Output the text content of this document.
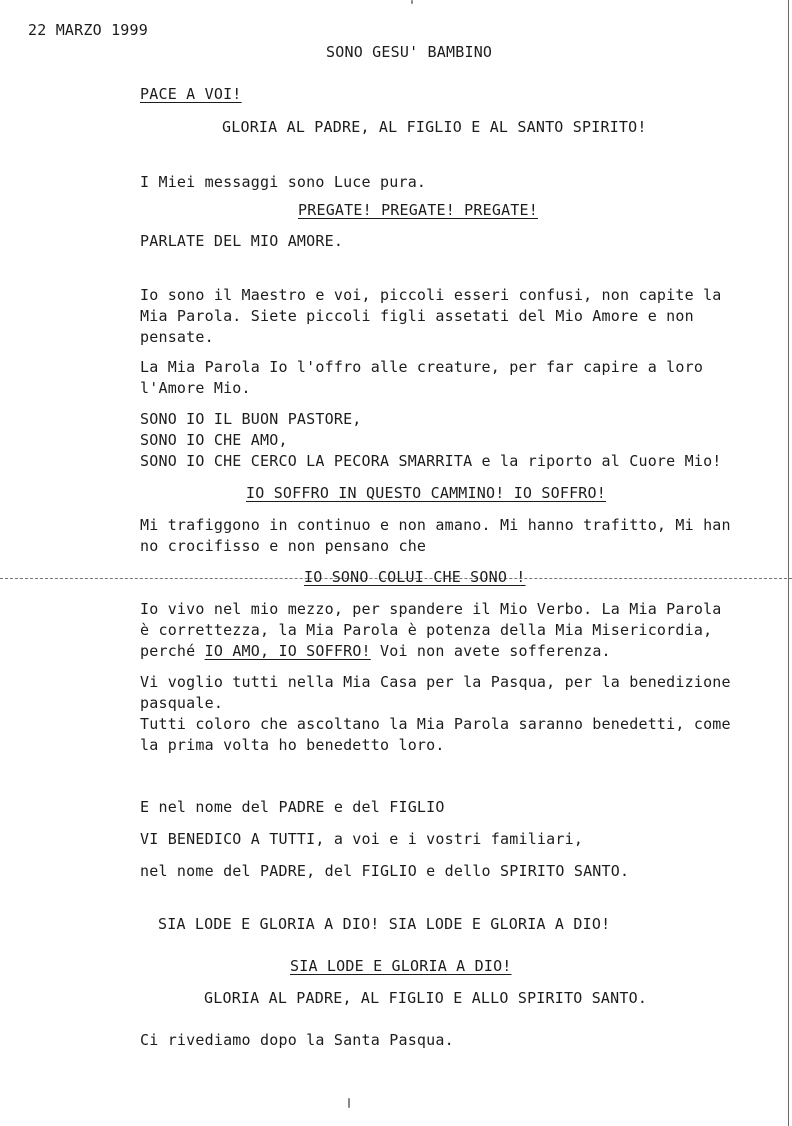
22 MARZO 1999
SONO GESU' BAMBINO
PACE A VOI!
GLORIA AL PADRE, AL FIGLIO E AL SANTO SPIRITO!
I Miei messaggi sono Luce pura.
PREGATE! PREGATE! PREGATE!
PARLATE DEL MIO AMORE.
Io sono il Maestro e voi, piccoli esseri confusi, non capite la
Mia Parola. Siete piccoli figli assetati del Mio Amore e non
pensate.
La Mia Parola Io l'offro alle creature, per far capire a loro
l'Amore Mio.
SONO IO IL BUON PASTORE,
SONO IO CHE AMO,
SONO IO CHE CERCO LA PECORA SMARRITA e la riporto al Cuore Mio!
IO SOFFRO IN QUESTO CAMMINO! IO SOFFRO!
Mi trafiggono in continuo e non amano. Mi hanno trafitto, Mi han
no crocifisso e non pensano che
IO SONO COLUI CHE SONO !
Io vivo nel mio mezzo, per spandere il Mio Verbo. La Mia Parola
è correttezza, la Mia Parola è potenza della Mia Misericordia,
perché IO AMO, IO SOFFRO! Voi non avete sofferenza.
Vi voglio tutti nella Mia Casa per la Pasqua, per la benedizione
pasquale.
Tutti coloro che ascoltano la Mia Parola saranno benedetti, come
la prima volta ho benedetto loro.
E nel nome del PADRE e del FIGLIO
VI BENEDICO A TUTTI, a voi e i vostri familiari,
nel nome del PADRE, del FIGLIO e dello SPIRITO SANTO.
SIA LODE E GLORIA A DIO! SIA LODE E GLORIA A DIO!
SIA LODE E GLORIA A DIO!
GLORIA AL PADRE, AL FIGLIO E ALLO SPIRITO SANTO.
Ci rivediamo dopo la Santa Pasqua.
